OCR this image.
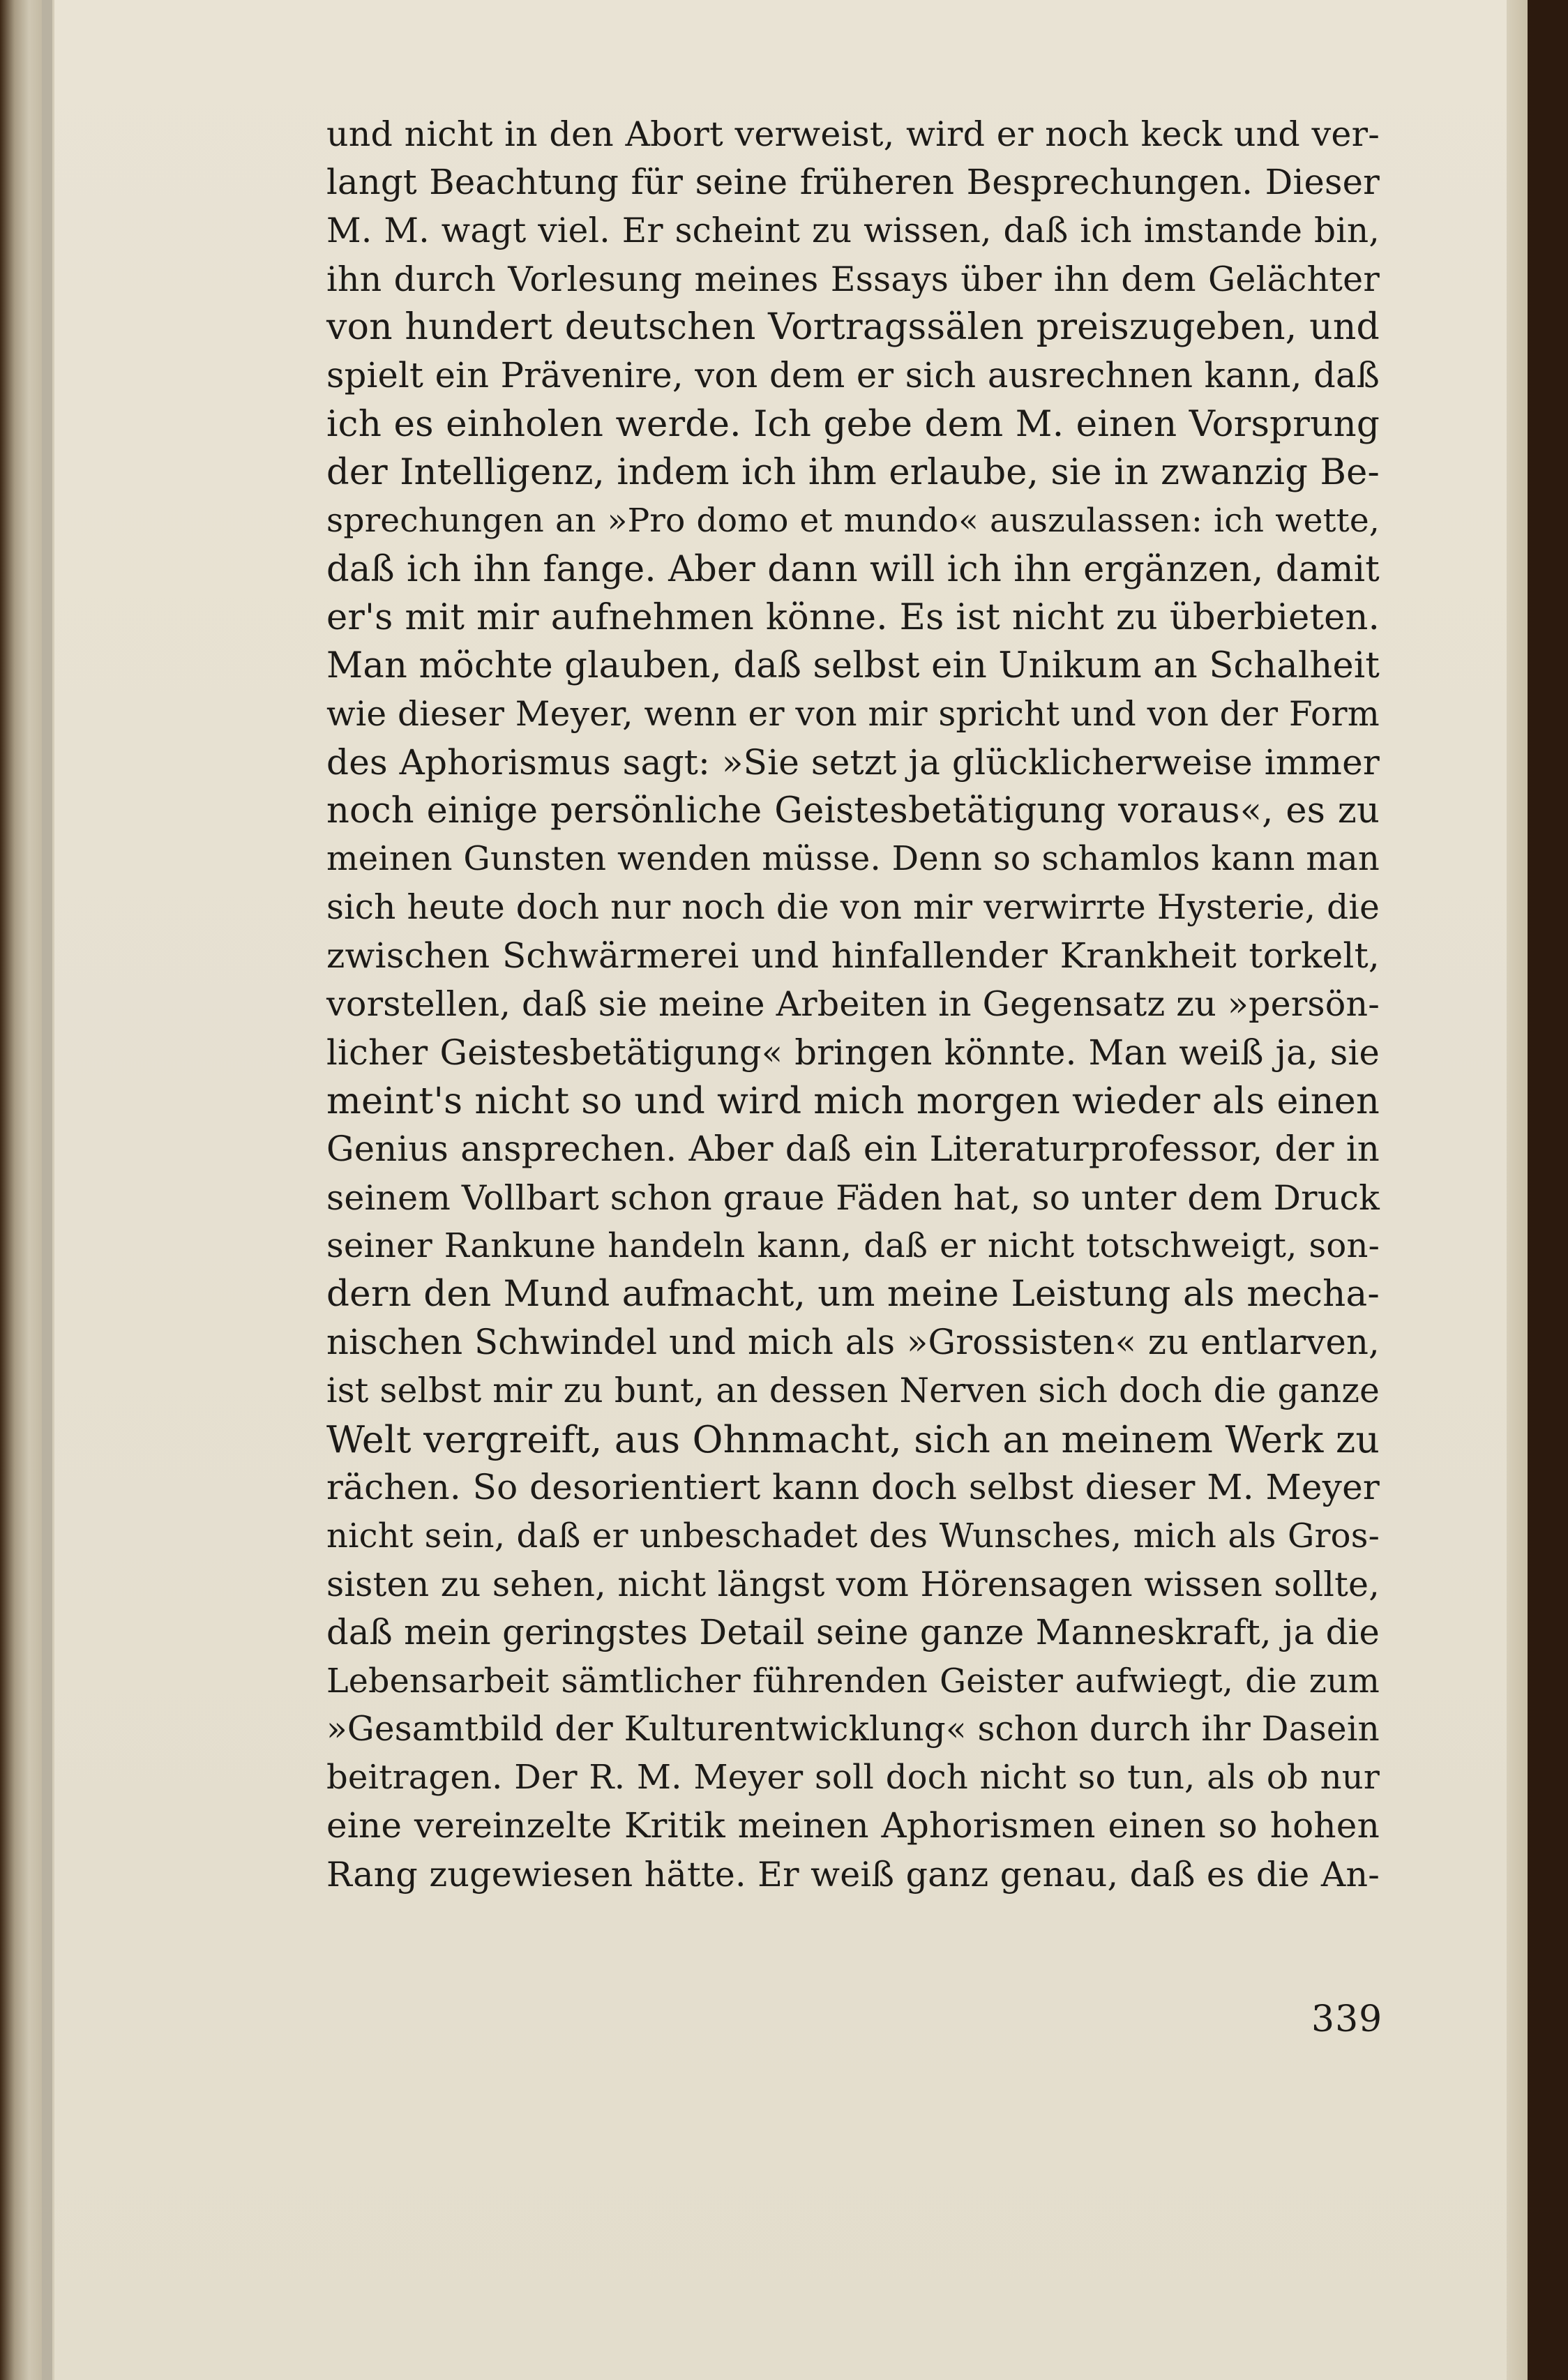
und nicht in den Abort verweist, wird er noch keck und ver-
langt Beachtung für seine früheren Besprechungen. Dieser
M. M. wagt viel. Er scheint zu wissen, daß ich imstande bin,
ihn durch Vorlesung meines Essays über ihn dem Gelächter
von hundert deutschen Vortragssälen preiszugeben, und
spielt ein Prävenire, von dem er sich ausrechnen kann, daß
ich es einholen werde. Ich gebe dem M. einen Vorsprung
der Intelligenz, indem ich ihm erlaube, sie in zwanzig Be-
sprechungen an »Pro domo et mundo« auszulassen: ich wette,
daß ich ihn fange. Aber dann will ich ihn ergänzen, damit
er's mit mir aufnehmen könne. Es ist nicht zu überbieten.
Man möchte glauben, daß selbst ein Unikum an Schalheit
wie dieser Meyer, wenn er von mir spricht und von der Form
des Aphorismus sagt: »Sie setzt ja glücklicherweise immer
noch einige persönliche Geistesbetätigung voraus«, es zu
meinen Gunsten wenden müsse. Denn so schamlos kann man
sich heute doch nur noch die von mir verwirrte Hysterie, die
zwischen Schwärmerei und hinfallender Krankheit torkelt,
vorstellen, daß sie meine Arbeiten in Gegensatz zu »persön-
licher Geistesbetätigung« bringen könnte. Man weiß ja, sie
meint's nicht so und wird mich morgen wieder als einen
Genius ansprechen. Aber daß ein Literaturprofessor, der in
seinem Vollbart schon graue Fäden hat, so unter dem Druck
seiner Rankune handeln kann, daß er nicht totschweigt, son-
dern den Mund aufmacht, um meine Leistung als mecha-
nischen Schwindel und mich als »Grossisten« zu entlarven,
ist selbst mir zu bunt, an dessen Nerven sich doch die ganze
Welt vergreift, aus Ohnmacht, sich an meinem Werk zu
rächen. So desorientiert kann doch selbst dieser M. Meyer
nicht sein, daß er unbeschadet des Wunsches, mich als Gros-
sisten zu sehen, nicht längst vom Hörensagen wissen sollte,
daß mein geringstes Detail seine ganze Manneskraft, ja die
Lebensarbeit sämtlicher führenden Geister aufwiegt, die zum
»Gesamtbild der Kulturentwicklung« schon durch ihr Dasein
beitragen. Der R. M. Meyer soll doch nicht so tun, als ob nur
eine vereinzelte Kritik meinen Aphorismen einen so hohen
Rang zugewiesen hätte. Er weiß ganz genau, daß es die An-
339
